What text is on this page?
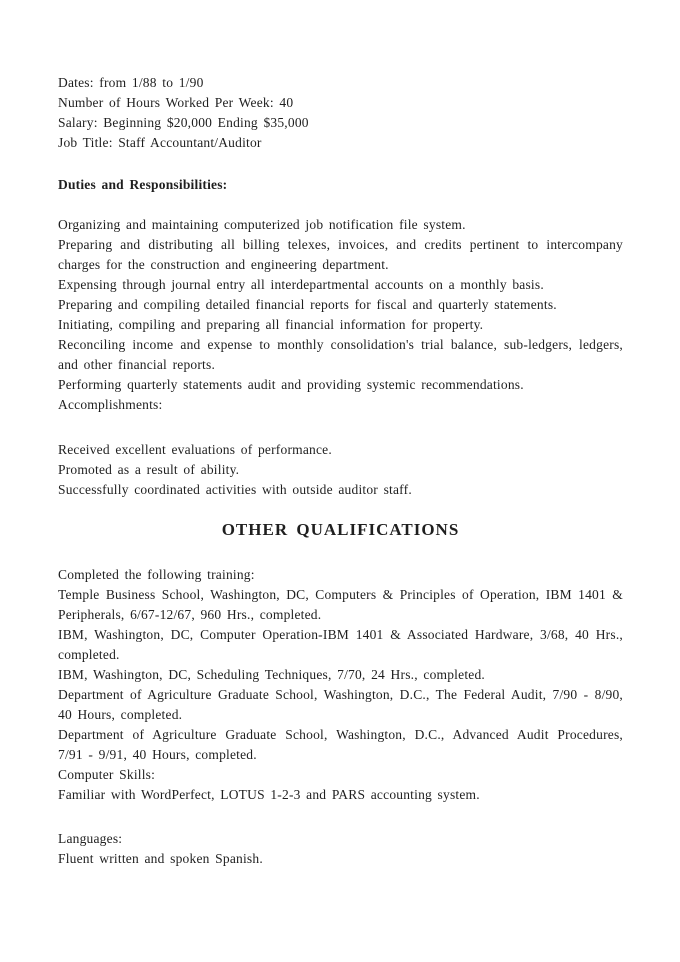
Dates: from 1/88 to 1/90

Number of Hours Worked Per Week: 40

Salary: Beginning $20,000 Ending $35,000

Job Title: Staff Accountant/Auditor

Duties and Responsibilities:

Organizing and maintaining computerized job notification file system.

Preparing and distributing all billing telexes, invoices, and credits pertinent to intercompany charges for the construction and engineering department.

Expensing through journal entry all interdepartmental accounts on a monthly basis.

Preparing and compiling detailed financial reports for fiscal and quarterly statements.

Initiating, compiling and preparing all financial information for property.

Reconciling income and expense to monthly consolidation's trial balance, sub-ledgers, ledgers, and other financial reports.

Performing quarterly statements audit and providing systemic recommendations.

Accomplishments:

Received excellent evaluations of performance.

Promoted as a result of ability.

Successfully coordinated activities with outside auditor staff.

OTHER QUALIFICATIONS

Completed the following training:

Temple Business School, Washington, DC, Computers & Principles of Operation, IBM 1401 & Peripherals, 6/67-12/67, 960 Hrs., completed.

IBM, Washington, DC, Computer Operation-IBM 1401 & Associated Hardware, 3/68, 40 Hrs., completed.

IBM, Washington, DC, Scheduling Techniques, 7/70, 24 Hrs., completed.

Department of Agriculture Graduate School, Washington, D.C., The Federal Audit, 7/90 - 8/90, 40 Hours, completed.

Department of Agriculture Graduate School, Washington, D.C., Advanced Audit Procedures, 7/91 - 9/91, 40 Hours, completed.

Computer Skills:

Familiar with WordPerfect, LOTUS 1-2-3 and PARS accounting system.

Languages:

Fluent written and spoken Spanish.
